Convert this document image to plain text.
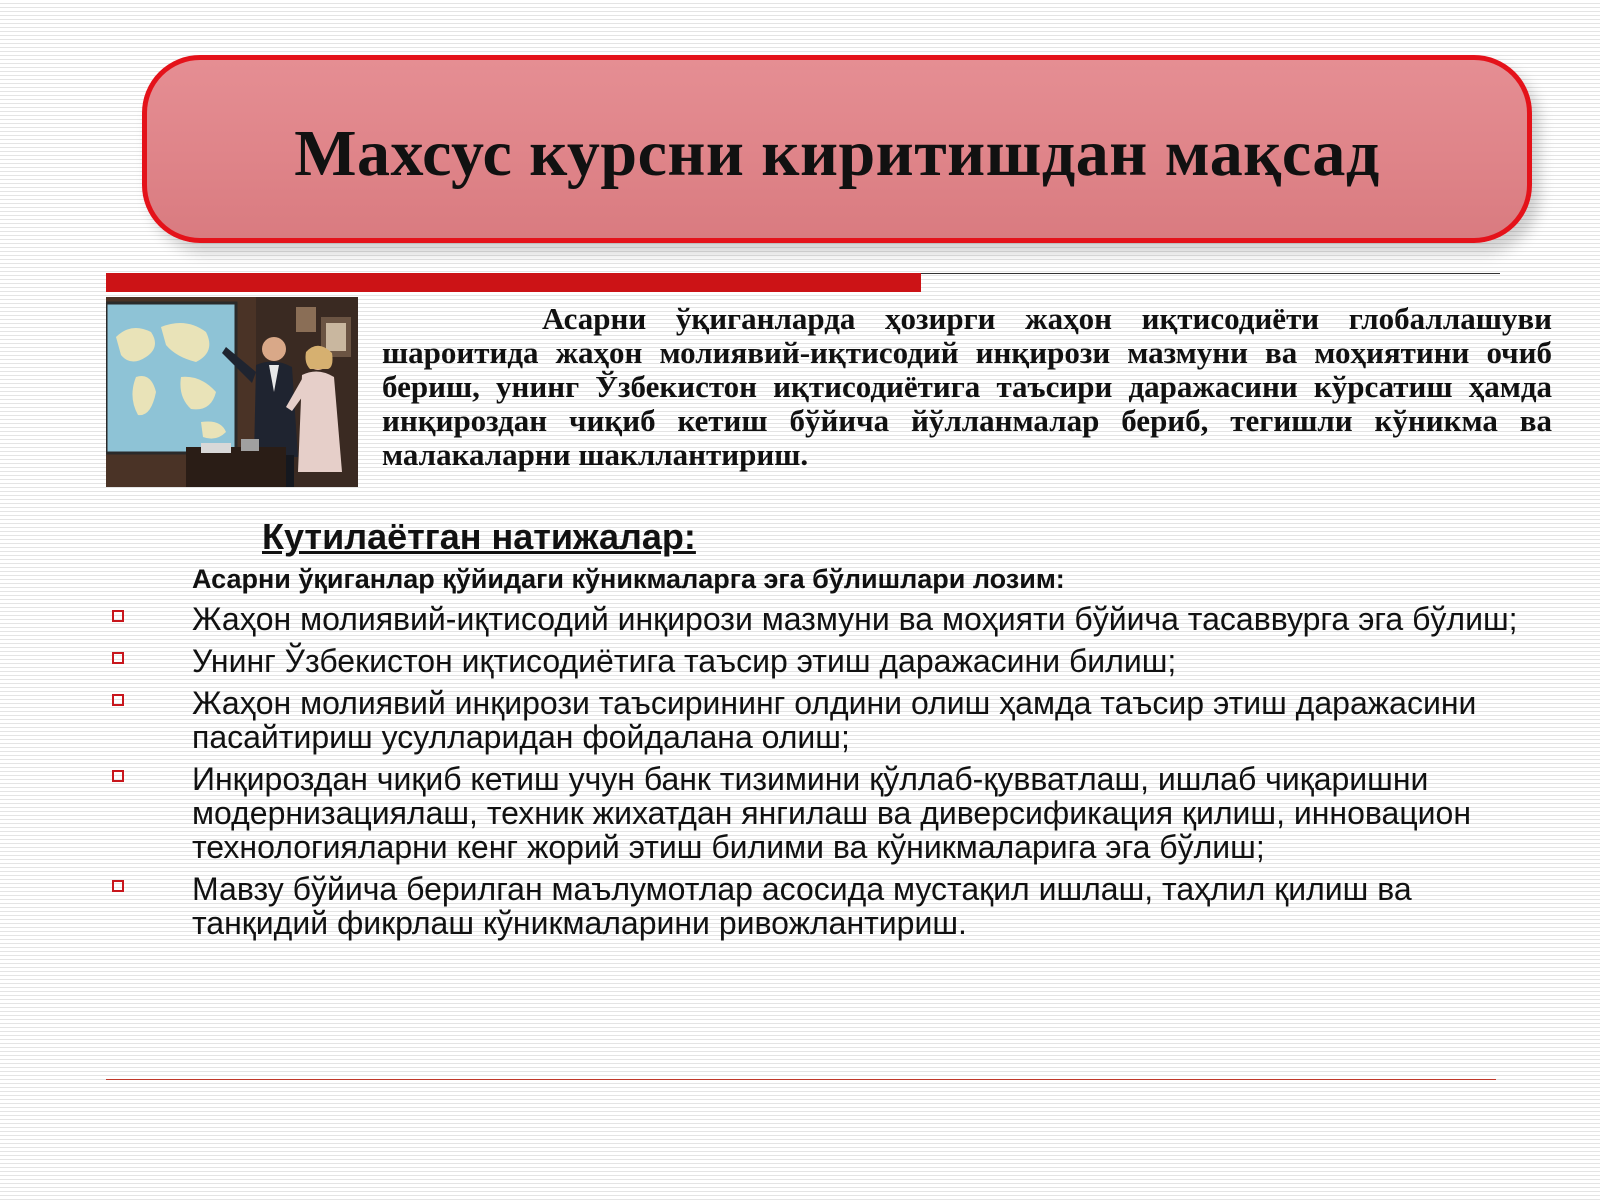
Махсус курсни киритишдан мақсад
Асарни ўқиганларда ҳозирги жаҳон иқтисодиёти глобаллашуви шароитида жаҳон молиявий-иқтисодий инқирози мазмуни ва моҳиятини очиб бериш, унинг Ўзбекистон иқтисодиётига таъсири даражасини кўрсатиш ҳамда инқироздан чиқиб кетиш бўйича йўлланмалар бериб, тегишли кўникма ва малакаларни шакллантириш.
Кутилаётган натижалар:
Асарни ўқиганлар қўйидаги кўникмаларга эга бўлишлари лозим:
Жаҳон молиявий-иқтисодий инқирози мазмуни ва моҳияти бўйича тасаввурга эга бўлиш;
Унинг Ўзбекистон иқтисодиётига таъсир этиш даражасини билиш;
Жаҳон молиявий инқирози таъсирининг олдини олиш ҳамда таъсир этиш даражасини пасайтириш усулларидан фойдалана олиш;
Инқироздан чиқиб кетиш учун банк тизимини қўллаб-қувватлаш, ишлаб чиқаришни модернизациялаш, техник жихатдан янгилаш ва диверсификация қилиш, инновацион технологияларни кенг жорий этиш билими ва кўникмаларига эга бўлиш;
Мавзу бўйича берилган маълумотлар асосида мустақил ишлаш, таҳлил қилиш ва танқидий фикрлаш кўникмаларини ривожлантириш.
